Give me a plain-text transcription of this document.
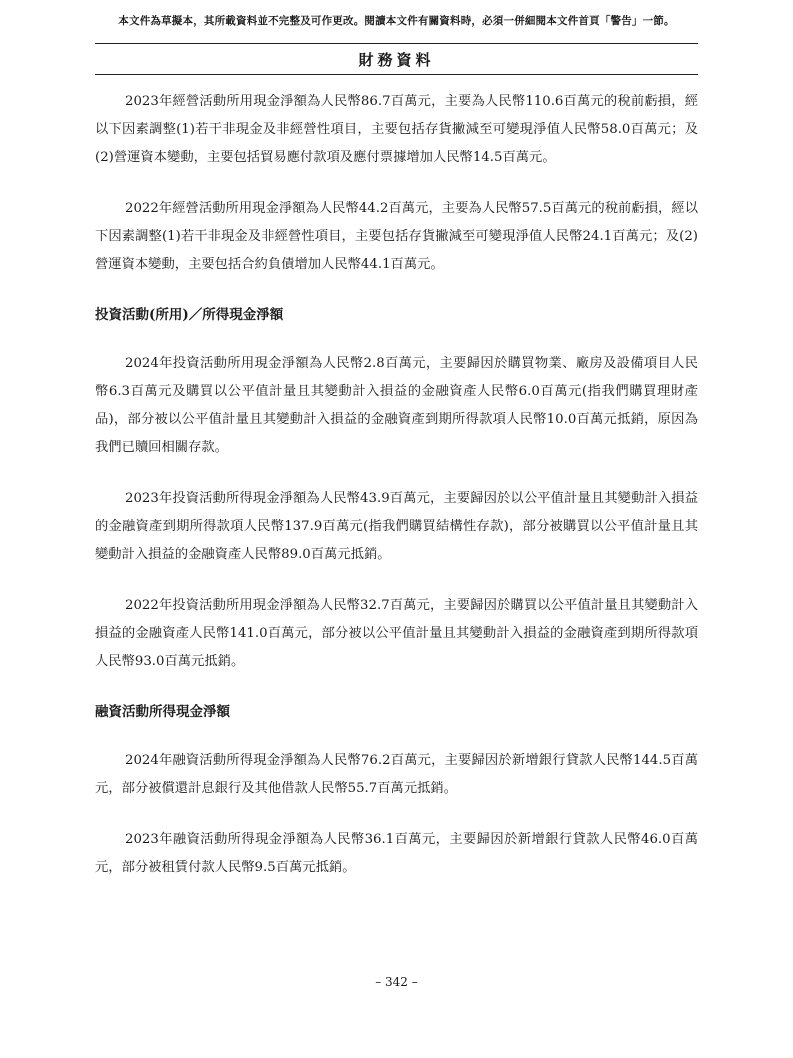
本文件為草擬本，其所載資料並不完整及可作更改。閱讀本文件有關資料時，必須一併細閱本文件首頁「警告」一節。
財務資料

2023年經營活動所用現金淨額為人民幣86.7百萬元，主要為人民幣110.6百萬元的稅前虧損，經以下因素調整(1)若干非現金及非經營性項目，主要包括存貨撇減至可變現淨值人民幣58.0百萬元；及(2)營運資本變動，主要包括貿易應付款項及應付票據增加人民幣14.5百萬元。

2022年經營活動所用現金淨額為人民幣44.2百萬元，主要為人民幣57.5百萬元的稅前虧損，經以下因素調整(1)若干非現金及非經營性項目，主要包括存貨撇減至可變現淨值人民幣24.1百萬元；及(2)營運資本變動，主要包括合約負債增加人民幣44.1百萬元。

投資活動(所用)／所得現金淨額

2024年投資活動所用現金淨額為人民幣2.8百萬元，主要歸因於購買物業、廠房及設備項目人民幣6.3百萬元及購買以公平值計量且其變動計入損益的金融資產人民幣6.0百萬元(指我們購買理財產品)，部分被以公平值計量且其變動計入損益的金融資產到期所得款項人民幣10.0百萬元抵銷，原因為我們已贖回相關存款。

2023年投資活動所得現金淨額為人民幣43.9百萬元，主要歸因於以公平值計量且其變動計入損益的金融資產到期所得款項人民幣137.9百萬元(指我們購買結構性存款)，部分被購買以公平值計量且其變動計入損益的金融資產人民幣89.0百萬元抵銷。

2022年投資活動所用現金淨額為人民幣32.7百萬元，主要歸因於購買以公平值計量且其變動計入損益的金融資產人民幣141.0百萬元，部分被以公平值計量且其變動計入損益的金融資產到期所得款項人民幣93.0百萬元抵銷。

融資活動所得現金淨額

2024年融資活動所得現金淨額為人民幣76.2百萬元，主要歸因於新增銀行貸款人民幣144.5百萬元，部分被償還計息銀行及其他借款人民幣55.7百萬元抵銷。

2023年融資活動所得現金淨額為人民幣36.1百萬元，主要歸因於新增銀行貸款人民幣46.0百萬元，部分被租賃付款人民幣9.5百萬元抵銷。

– 342 –
